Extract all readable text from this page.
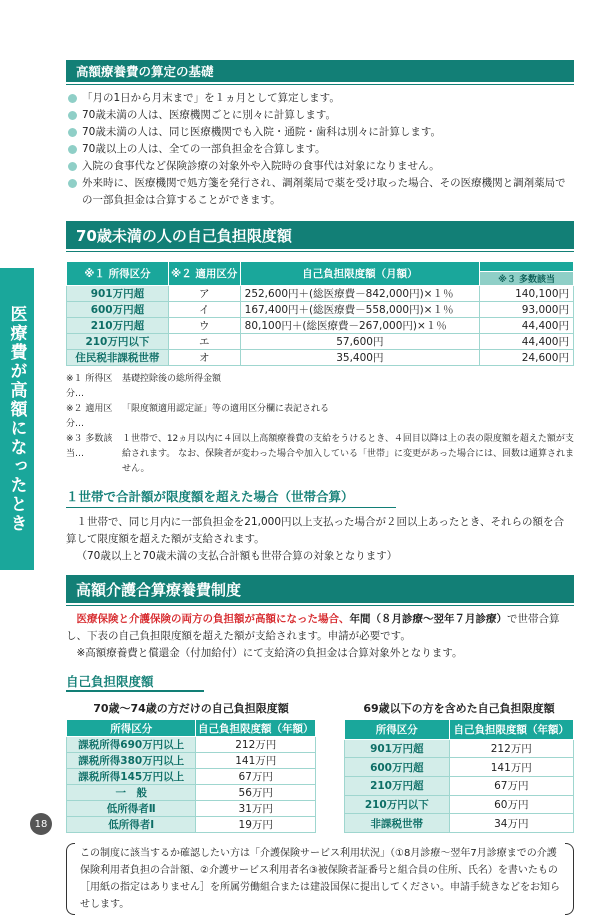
医療費が高額になったとき
18
高額療養費の算定の基礎
「月の1日から月末まで」を１ヵ月として算定します。
70歳未満の人は、医療機関ごとに別々に計算します。
70歳未満の人は、同じ医療機関でも入院・通院・歯科は別々に計算します。
70歳以上の人は、全ての一部負担金を合算します。
入院の食事代など保険診療の対象外や入院時の食事代は対象になりません。
外来時に、医療機関で処方箋を発行され、調剤薬局で薬を受け取った場合、その医療機関と調剤薬局での一部負担金は合算することができます。
70歳未満の人の自己負担限度額
※１ 所得区分	※２ 適用区分	自己負担限度額（月額）	
			※３ 多数該当
901万円超	ア	252,600円＋(総医療費－842,000円)×１％	140,100円
600万円超	イ	167,400円＋(総医療費－558,000円)×１％	93,000円
210万円超	ウ	80,100円＋(総医療費－267,000円)×１％	44,400円
210万円以下	エ	57,600円	44,400円
住民税非課税世帯	オ	35,400円	24,600円
※１ 所得区分…
基礎控除後の総所得金額
※２ 適用区分…
「限度額適用認定証」等の適用区分欄に表記される
※３ 多数該当…
１世帯で、12ヵ月以内に４回以上高額療養費の支給をうけるとき、４回目以降は上の表の限度額を超えた額が支給されます。 なお、保険者が変わった場合や加入している「世帯」に変更があった場合には、回数は通算されません。
１世帯で合計額が限度額を超えた場合（世帯合算）

１世帯で、同じ月内に一部負担金を21,000円以上支払った場合が２回以上あったとき、それらの額を合算して限度額を超えた額が支給されます。

（70歳以上と70歳未満の支払合計額も世帯合算の対象となります）

高額介護合算療養費制度

医療保険と介護保険の両方の負担額が高額になった場合、年間（８月診療～翌年７月診療）で世帯合算し、下表の自己負担限度額を超えた額が支給されます。申請が必要です。

※高額療養費と償還金（付加給付）にて支給済の負担金は合算対象外となります。

自己負担限度額
70歳～74歳の方だけの自己負担限度額
所得区分	自己負担限度額（年額）
課税所得690万円以上	212万円
課税所得380万円以上	141万円
課税所得145万円以上	67万円
一　般	56万円
低所得者Ⅱ	31万円
低所得者Ⅰ	19万円
69歳以下の方を含めた自己負担限度額
所得区分	自己負担限度額（年額）
901万円超	212万円
600万円超	141万円
210万円超	67万円
210万円以下	60万円
非課税世帯	34万円
この制度に該当するか確認したい方は「介護保険サービス利用状況」（①8月診療～翌年7月診療までの介護保険利用者負担の合計額、②介護サービス利用者名③被保険者証番号と組合員の住所、氏名）を書いたもの［用紙の指定はありません］を所属労働組合または建設国保に提出してください。申請手続きなどをお知らせします。
